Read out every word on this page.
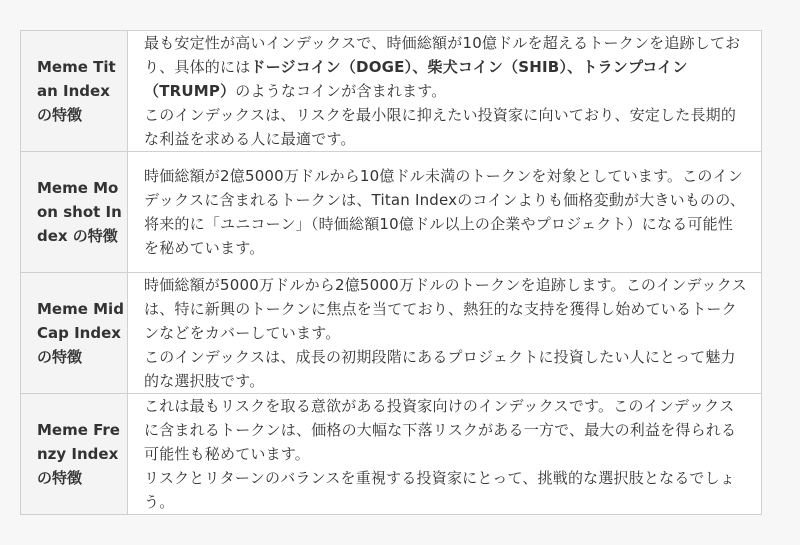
Meme Titan Index の特徴	最も安定性が高いインデックスで、時価総額が10億ドルを超えるトークンを追跡しており、具体的にはドージコイン（DOGE）、柴犬コイン（SHIB）、トランプコイン（TRUMP）のようなコインが含まれます。
このインデックスは、リスクを最小限に抑えたい投資家に向いており、安定した長期的な利益を求める人に最適です。

Meme Moon shot Index の特徴	時価総額が2億5000万ドルから10億ドル未満のトークンを対象としています。このインデックスに含まれるトークンは、Titan Indexのコインよりも価格変動が大きいものの、将来的に「ユニコーン」（時価総額10億ドル以上の企業やプロジェクト）になる可能性を秘めています。

Meme MidCap Index の特徴	時価総額が5000万ドルから2億5000万ドルのトークンを追跡します。このインデックスは、特に新興のトークンに焦点を当てており、熱狂的な支持を獲得し始めているトークンなどをカバーしています。
このインデックスは、成長の初期段階にあるプロジェクトに投資したい人にとって魅力的な選択肢です。

Meme Frenzy Index の特徴	これは最もリスクを取る意欲がある投資家向けのインデックスです。このインデックスに含まれるトークンは、価格の大幅な下落リスクがある一方で、最大の利益を得られる可能性も秘めています。
リスクとリターンのバランスを重視する投資家にとって、挑戦的な選択肢となるでしょう。
